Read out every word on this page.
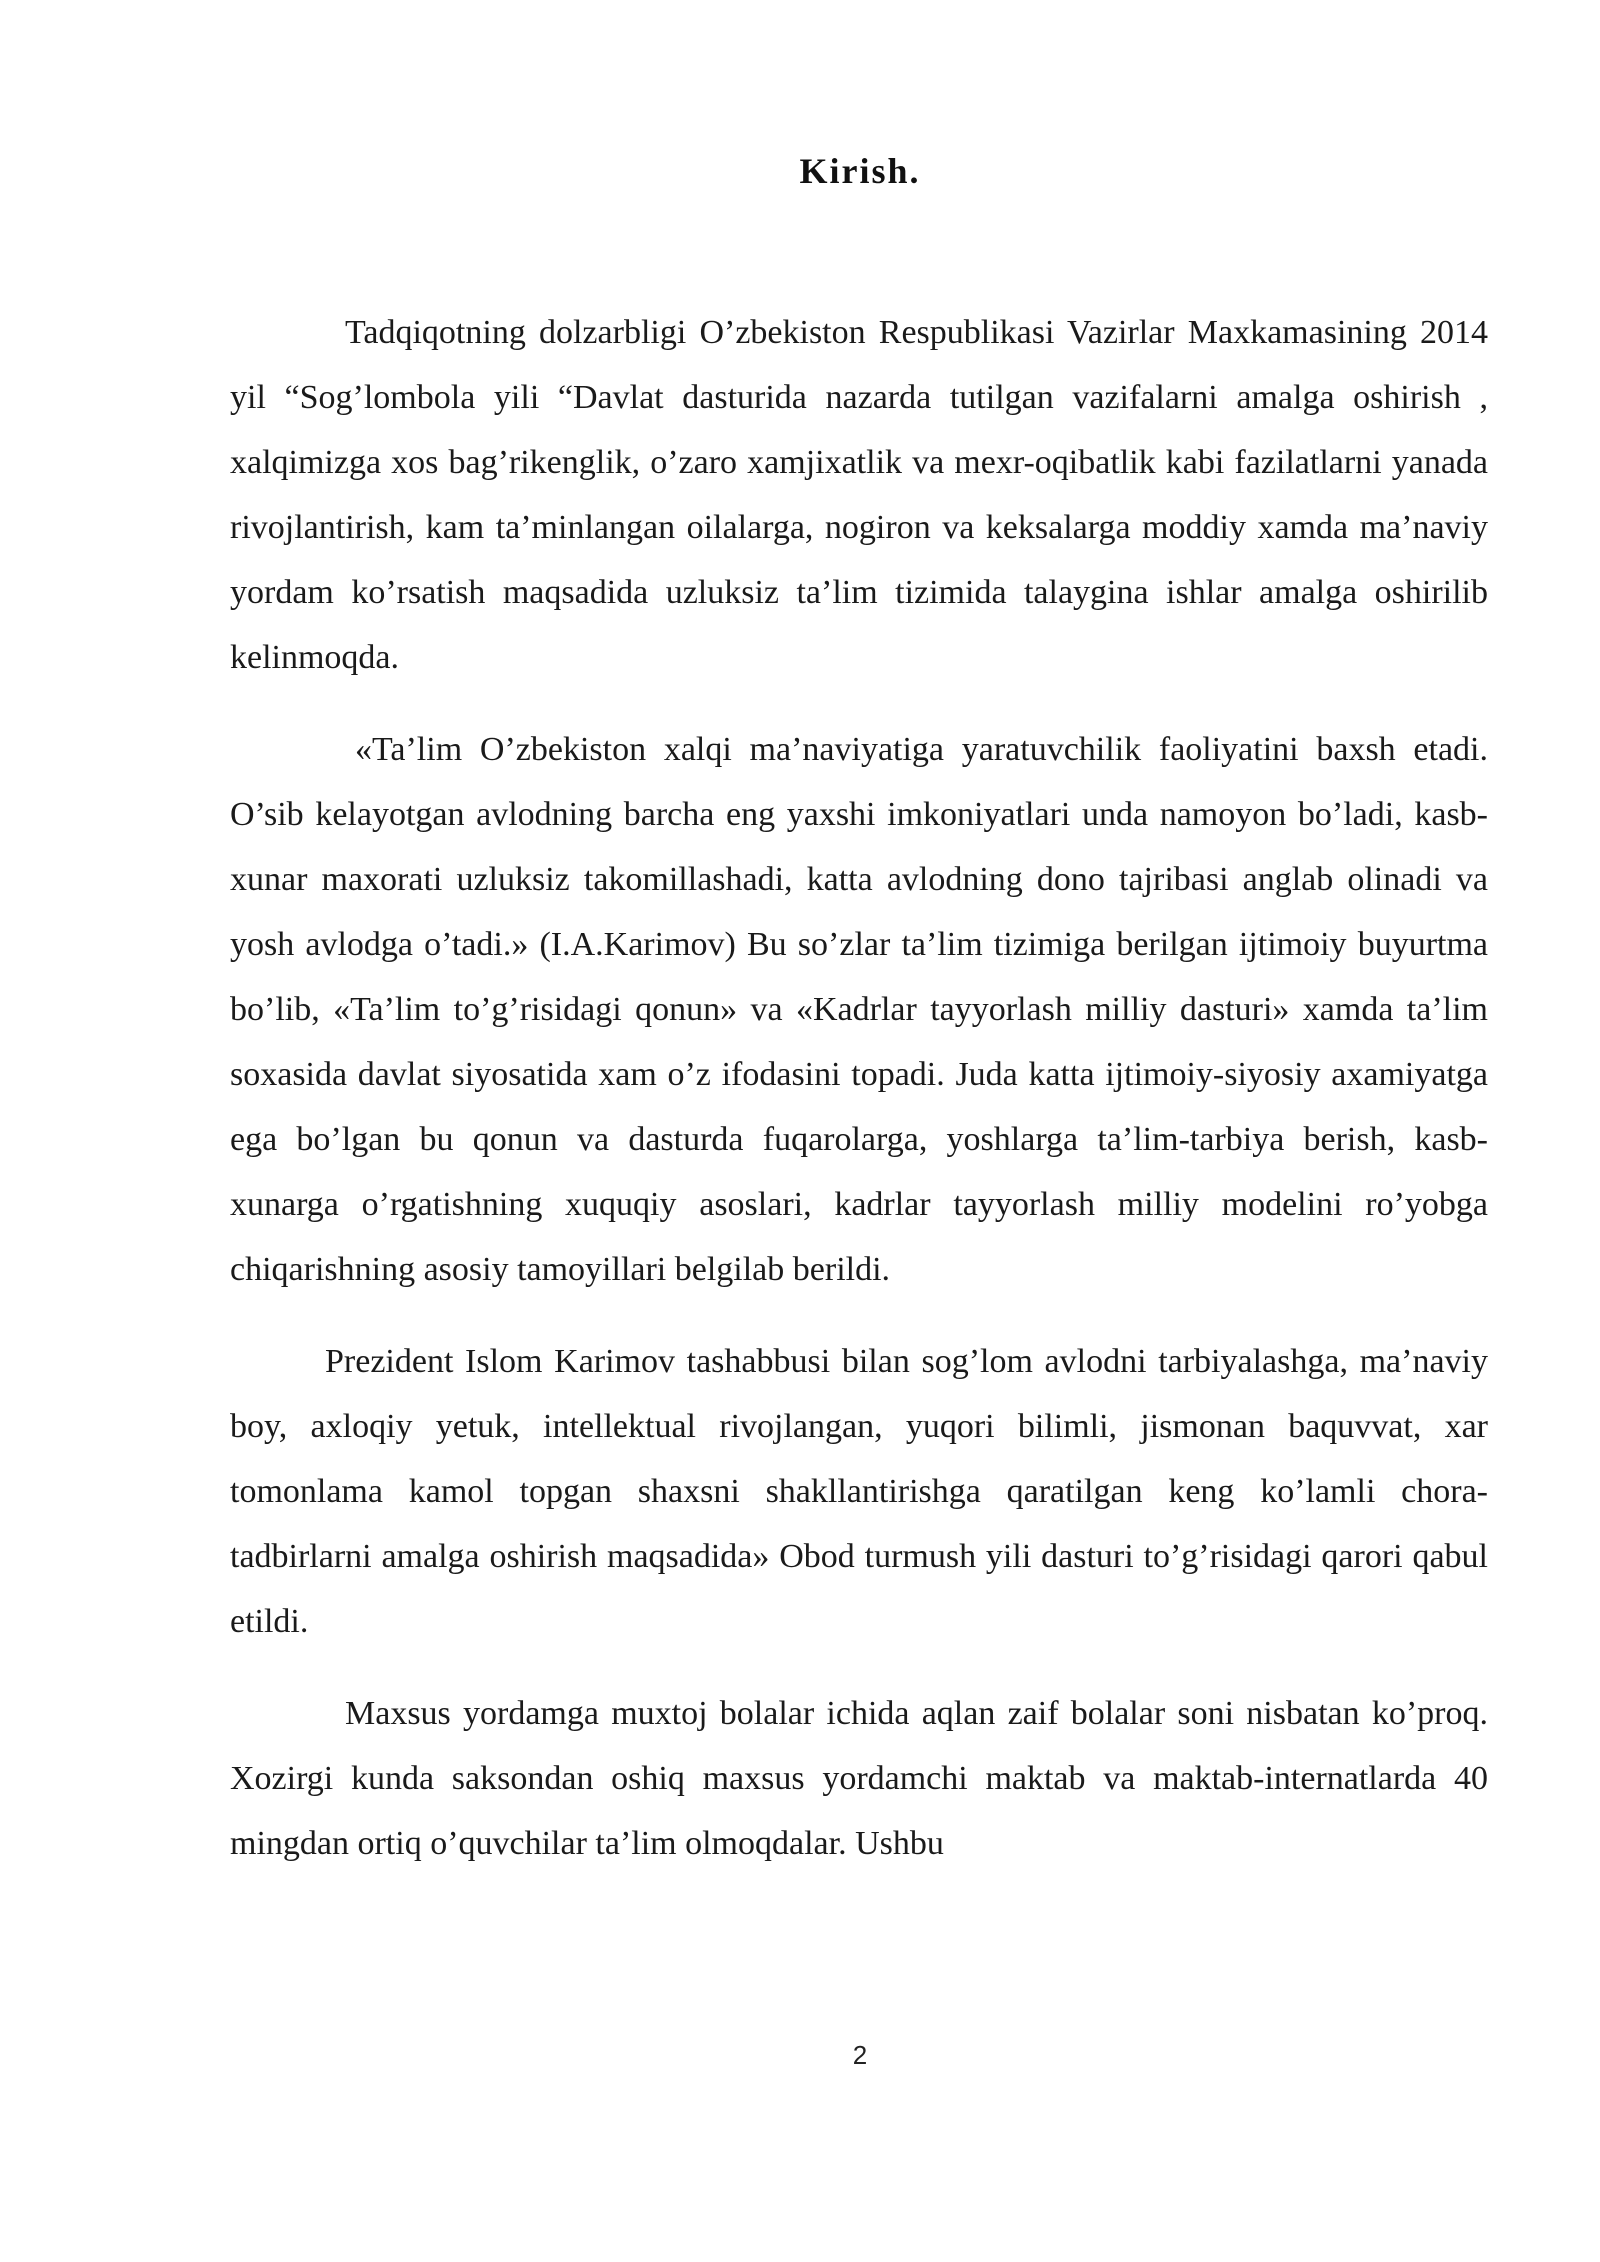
Kirish.

Tadqiqotning dolzarbligi O’zbekiston Respublikasi Vazirlar Maxkamasining 2014 yil “Sog’lombola yili “Davlat dasturida nazarda tutilgan vazifalarni amalga oshirish , xalqimizga xos bag’rikenglik, o’zaro xamjixatlik va mexr-oqibatlik kabi fazilatlarni yanada rivojlantirish, kam ta’minlangan oilalarga, nogiron va keksalarga moddiy xamda ma’naviy yordam ko’rsatish maqsadida uzluksiz ta’lim tizimida talaygina ishlar amalga oshirilib kelinmoqda.

«Ta’lim O’zbekiston xalqi ma’naviyatiga yaratuvchilik faoliyatini baxsh etadi. O’sib kelayotgan avlodning barcha eng yaxshi imkoniyatlari unda namoyon bo’ladi, kasb-xunar maxorati uzluksiz takomillashadi, katta avlodning dono tajribasi anglab olinadi va yosh avlodga o’tadi.» (I.A.Karimov) Bu so’zlar ta’lim tizimiga berilgan ijtimoiy buyurtma bo’lib, «Ta’lim to’g’risidagi qonun» va «Kadrlar tayyorlash milliy dasturi» xamda ta’lim soxasida davlat siyosatida xam o’z ifodasini topadi. Juda katta ijtimoiy-siyosiy axamiyatga ega bo’lgan bu qonun va dasturda fuqarolarga, yoshlarga ta’lim-tarbiya berish, kasb-xunarga o’rgatishning xuquqiy asoslari, kadrlar tayyorlash milliy modelini ro’yobga chiqarishning asosiy tamoyillari belgilab berildi.

Prezident Islom Karimov tashabbusi bilan sog’lom avlodni tarbiyalashga, ma’naviy boy, axloqiy yetuk, intellektual rivojlangan, yuqori bilimli, jismonan baquvvat, xar tomonlama kamol topgan shaxsni shakllantirishga qaratilgan keng ko’lamli chora-tadbirlarni amalga oshirish maqsadida» Obod turmush yili dasturi to’g’risidagi qarori qabul etildi.

Maxsus yordamga muxtoj bolalar ichida aqlan zaif bolalar soni nisbatan ko’proq. Xozirgi kunda saksondan oshiq maxsus yordamchi maktab va maktab-internatlarda 40 mingdan ortiq o’quvchilar ta’lim olmoqdalar. Ushbu

2
